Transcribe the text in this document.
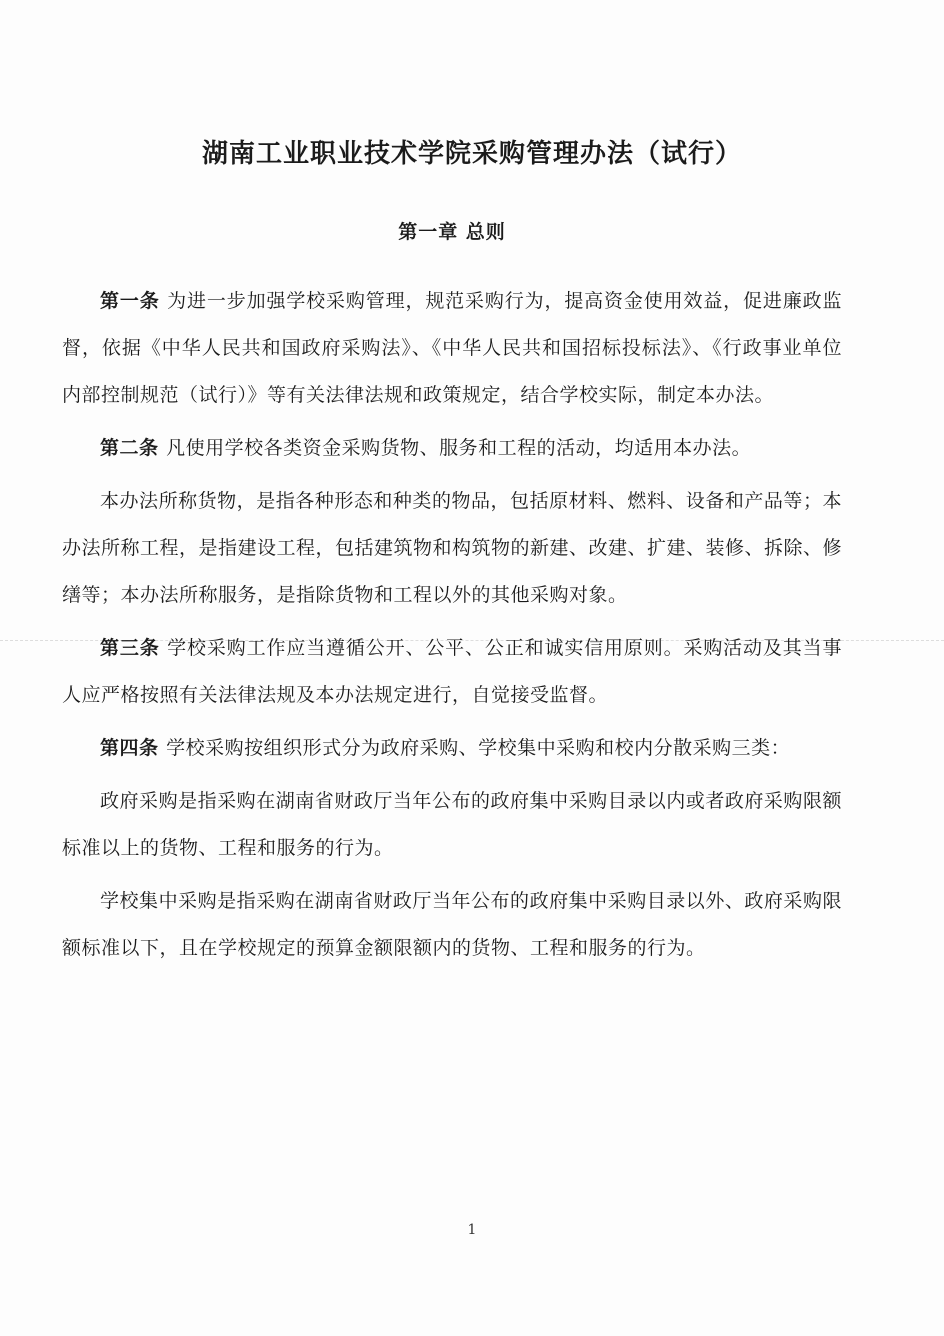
湖南工业职业技术学院采购管理办法（试行）
第一章 总则

第一条 为进一步加强学校采购管理，规范采购行为，提高资金使用效益，促进廉政监督，依据《中华人民共和国政府采购法》、《中华人民共和国招标投标法》、《行政事业单位内部控制规范（试行）》等有关法律法规和政策规定，结合学校实际，制定本办法。

第二条 凡使用学校各类资金采购货物、服务和工程的活动，均适用本办法。

本办法所称货物，是指各种形态和种类的物品，包括原材料、燃料、设备和产品等；本办法所称工程，是指建设工程，包括建筑物和构筑物的新建、改建、扩建、装修、拆除、修缮等；本办法所称服务，是指除货物和工程以外的其他采购对象。

第三条 学校采购工作应当遵循公开、公平、公正和诚实信用原则。采购活动及其当事人应严格按照有关法律法规及本办法规定进行，自觉接受监督。

第四条 学校采购按组织形式分为政府采购、学校集中采购和校内分散采购三类：

政府采购是指采购在湖南省财政厅当年公布的政府集中采购目录以内或者政府采购限额标准以上的货物、工程和服务的行为。

学校集中采购是指采购在湖南省财政厅当年公布的政府集中采购目录以外、政府采购限额标准以下，且在学校规定的预算金额限额内的货物、工程和服务的行为。

1
